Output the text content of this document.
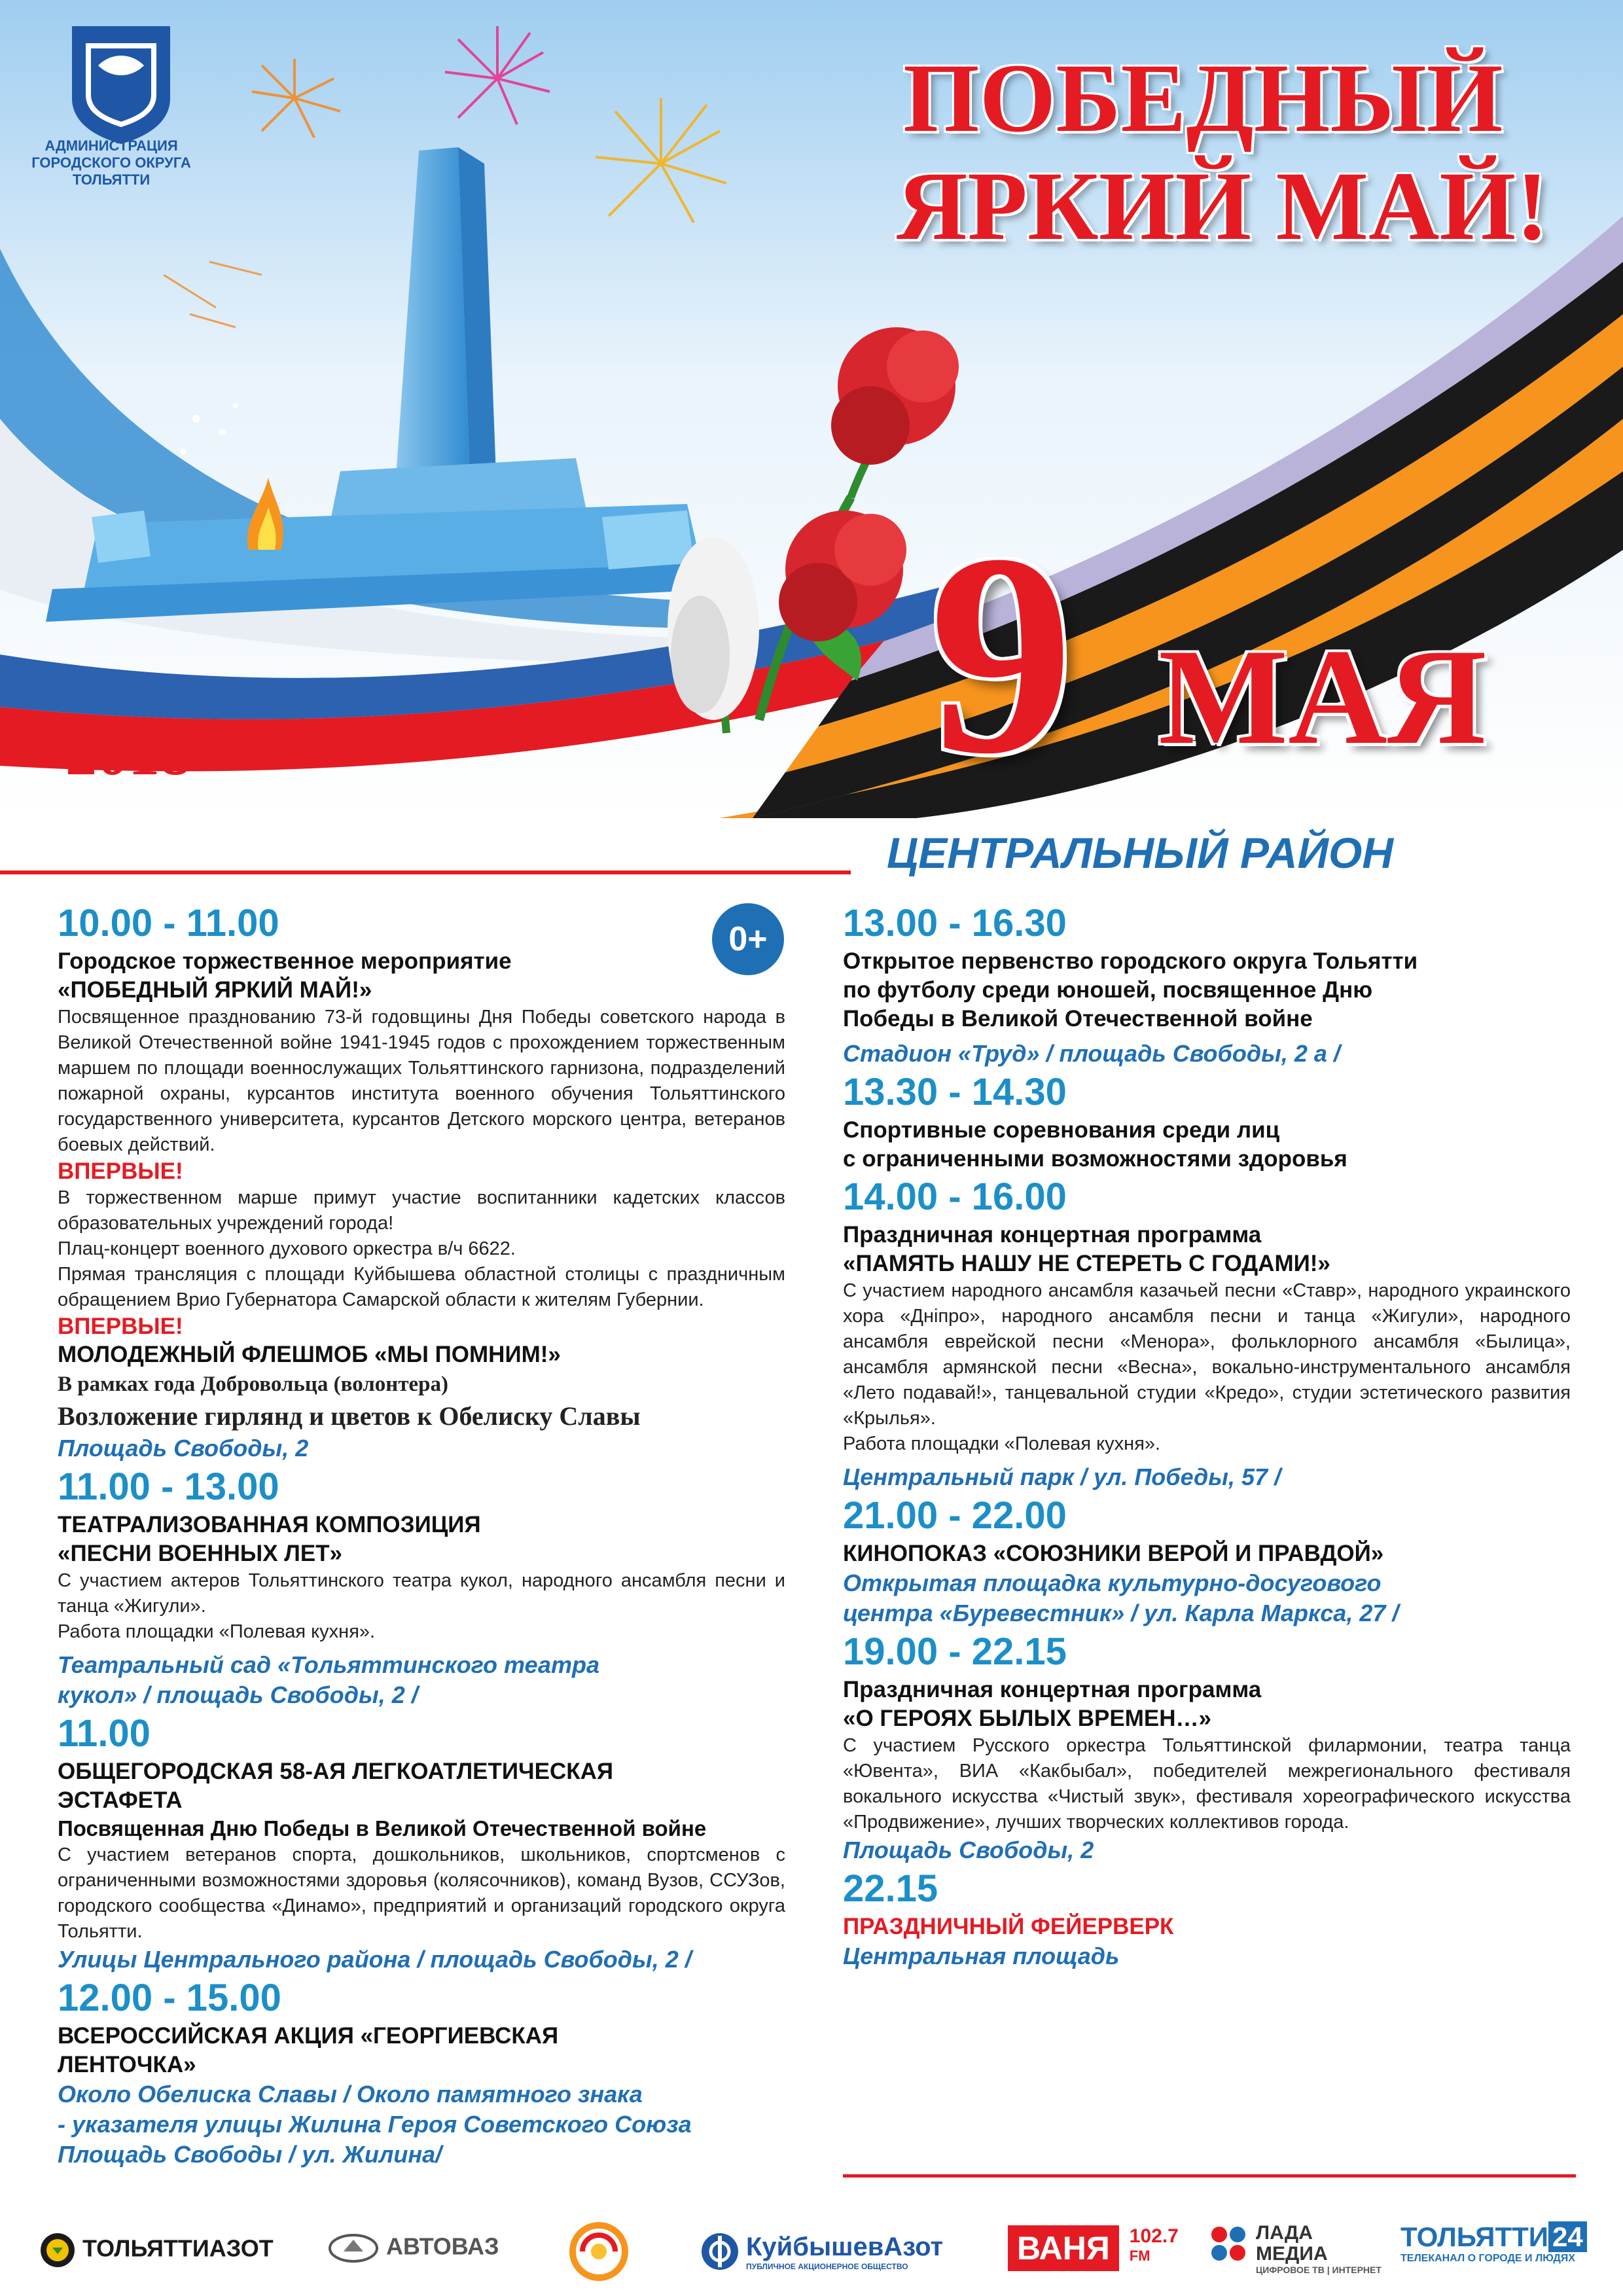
АДМИНИСТРАЦИЯ
ГОРОДСКОГО ОКРУГА
ТОЛЬЯТТИ
ПОБЕДНЫЙ
ЯРКИЙ МАЙ!
2018	9 МАЯ
ЦЕНТРАЛЬНЫЙ РАЙОН
0+
10.00 - 11.00
Городское торжественное мероприятие
«ПОБЕДНЫЙ ЯРКИЙ МАЙ!»
Посвященное празднованию 73-й годовщины Дня Победы советского народа в Великой Отечественной войне 1941-1945 годов с прохождением торжественным маршем по площади военнослужащих Тольяттинского гарнизона, подразделений пожарной охраны, курсантов института военного обучения Тольяттинского государственного университета, курсантов Детского морского центра, ветеранов боевых действий.
ВПЕРВЫЕ!
В торжественном марше примут участие воспитанники кадетских классов образовательных учреждений города!
Плац-концерт военного духового оркестра в/ч 6622.
Прямая трансляция с площади Куйбышева областной столицы с праздничным обращением Врио Губернатора Самарской области к жителям Губернии.
ВПЕРВЫЕ!
МОЛОДЕЖНЫЙ ФЛЕШМОБ «МЫ ПОМНИМ!»
В рамках года Добровольца (волонтера)
Возложение гирлянд и цветов к Обелиску Славы
Площадь Свободы, 2
11.00 - 13.00
ТЕАТРАЛИЗОВАННАЯ КОМПОЗИЦИЯ
«ПЕСНИ ВОЕННЫХ ЛЕТ»
С участием актеров Тольяттинского театра кукол, народного ансамбля песни и танца «Жигули».
Работа площадки «Полевая кухня».
Театральный сад «Тольяттинского театра
кукол» / площадь Свободы, 2 /
11.00
ОБЩЕГОРОДСКАЯ 58-АЯ ЛЕГКОАТЛЕТИЧЕСКАЯ
ЭСТАФЕТА
Посвященная Дню Победы в Великой Отечественной войне
С участием ветеранов спорта, дошкольников, школьников, спортсменов с ограниченными возможностями здоровья (колясочников), команд Вузов, ССУЗов, городского сообщества «Динамо», предприятий и организаций городского округа Тольятти.
Улицы Центрального района / площадь Свободы, 2 /
12.00 - 15.00
ВСЕРОССИЙСКАЯ АКЦИЯ «ГЕОРГИЕВСКАЯ
ЛЕНТОЧКА»
Около Обелиска Славы / Около памятного знака
- указателя улицы Жилина Героя Советского Союза
Площадь Свободы / ул. Жилина/
13.00 - 16.30
Открытое первенство городского округа Тольятти
по футболу среди юношей, посвященное Дню
Победы в Великой Отечественной войне
Стадион «Труд» / площадь Свободы, 2 а /
13.30 - 14.30
Спортивные соревнования среди лиц
с ограниченными возможностями здоровья
14.00 - 16.00
Праздничная концертная программа
«ПАМЯТЬ НАШУ НЕ СТЕРЕТЬ С ГОДАМИ!»
С участием народного ансамбля казачьей песни «Ставр», народного украинского хора «Дніпро», народного ансамбля песни и танца «Жигули», народного ансамбля еврейской песни «Менора», фольклорного ансамбля «Былица», ансамбля армянской песни «Весна», вокально-инструментального ансамбля «Лето подавай!», танцевальной студии «Кредо», студии эстетического развития «Крылья».
Работа площадки «Полевая кухня».
Центральный парк / ул. Победы, 57 /
21.00 - 22.00
КИНОПОКАЗ «СОЮЗНИКИ ВЕРОЙ И ПРАВДОЙ»
Открытая площадка культурно-досугового
центра «Буревестник» / ул. Карла Маркса, 27 /
19.00 - 22.15
Праздничная концертная программа
«О ГЕРОЯХ БЫЛЫХ ВРЕМЕН…»
С участием Русского оркестра Тольяттинской филармонии, театра танца «Ювента», ВИА «Какбыбал», победителей межрегионального фестиваля вокального искусства «Чистый звук», фестиваля хореографического искусства «Продвижение», лучших творческих коллективов города.
Площадь Свободы, 2
22.15
ПРАЗДНИЧНЫЙ ФЕЙЕРВЕРК
Центральная площадь
ТОЛЬЯТТИАЗОТ	АВТОВАЗ
	КуйбышевАзот
ПУБЛИЧНОЕ АКЦИОНЕРНОЕ ОБЩЕСТВО	ВАНЯ 102.7
FM

ЛАДА
МЕДИА
ЦИФРОВОЕ ТВ | ИНТЕРНЕТ
ТОЛЬЯТТИ 24
ТЕЛЕКАНАЛ О ГОРОДЕ И ЛЮДЯХ
